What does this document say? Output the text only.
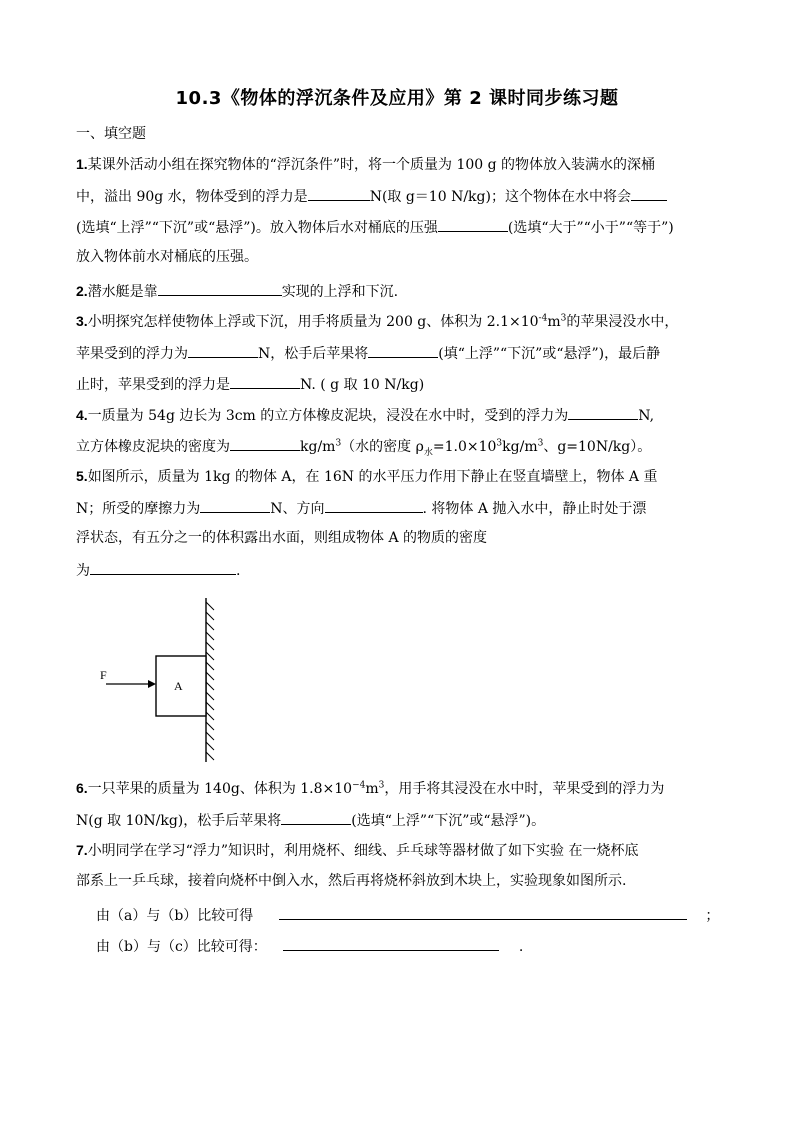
10.3《物体的浮沉条件及应用》第 2 课时同步练习题
一、填空题
1.某课外活动小组在探究物体的“浮沉条件”时，将一个质量为 100 g 的物体放入装满水的深桶
中，溢出 90g 水，物体受到的浮力是	N(取 g＝10 N/kg)；这个物体在水中将会
(选填“上浮”“下沉”或“悬浮”)。放入物体后水对桶底的压强	(选填“大于”“小于”“等于”)
放入物体前水对桶底的压强。
2.潜水艇是靠	实现的上浮和下沉.
3.小明探究怎样使物体上浮或下沉，用手将质量为 200 g、体积为 $2.1\times 10^{-4}m^3$的苹果浸没水中，
苹果受到的浮力为	N，松手后苹果将	(填“上浮”“下沉”或“悬浮”)，最后静
止时，苹果受到的浮力是	N. ( g 取 10 N/kg)
4.一质量为 54g 边长为 3cm 的立方体橡皮泥块，浸没在水中时，受到的浮力为	N,
立方体橡皮泥块的密度为	$kg/m^3$（水的密度 $\rho_水=1.0\times 10^3kg/m^3$、g=10N/kg）。
5.如图所示，质量为 1kg 的物体 A，在 16N 的水平压力作用下静止在竖直墙壁上，物体 A 重
N；所受的摩擦力为	N、方向	. 将物体 A 抛入水中，静止时处于漂
浮状态，有五分之一的体积露出水面，则组成物体 A 的物质的密度
为	.
F
A
6.一只苹果的质量为 140g、体积为 $1.8\times 10^{-4}m^3$，用手将其浸没在水中时，苹果受到的浮力为
N(g 取 10N/kg)，松手后苹果将	(选填“上浮”“下沉”或“悬浮”)。
7.小明同学在学习“浮力”知识时，利用烧杯、细线、乒乓球等器材做了如下实验 在一烧杯底
部系上一乒乓球，接着向烧杯中倒入水，然后再将烧杯斜放到木块上，实验现象如图所示.
由（a）与（b）比较可得	；
由（b）与（c）比较可得：	.
